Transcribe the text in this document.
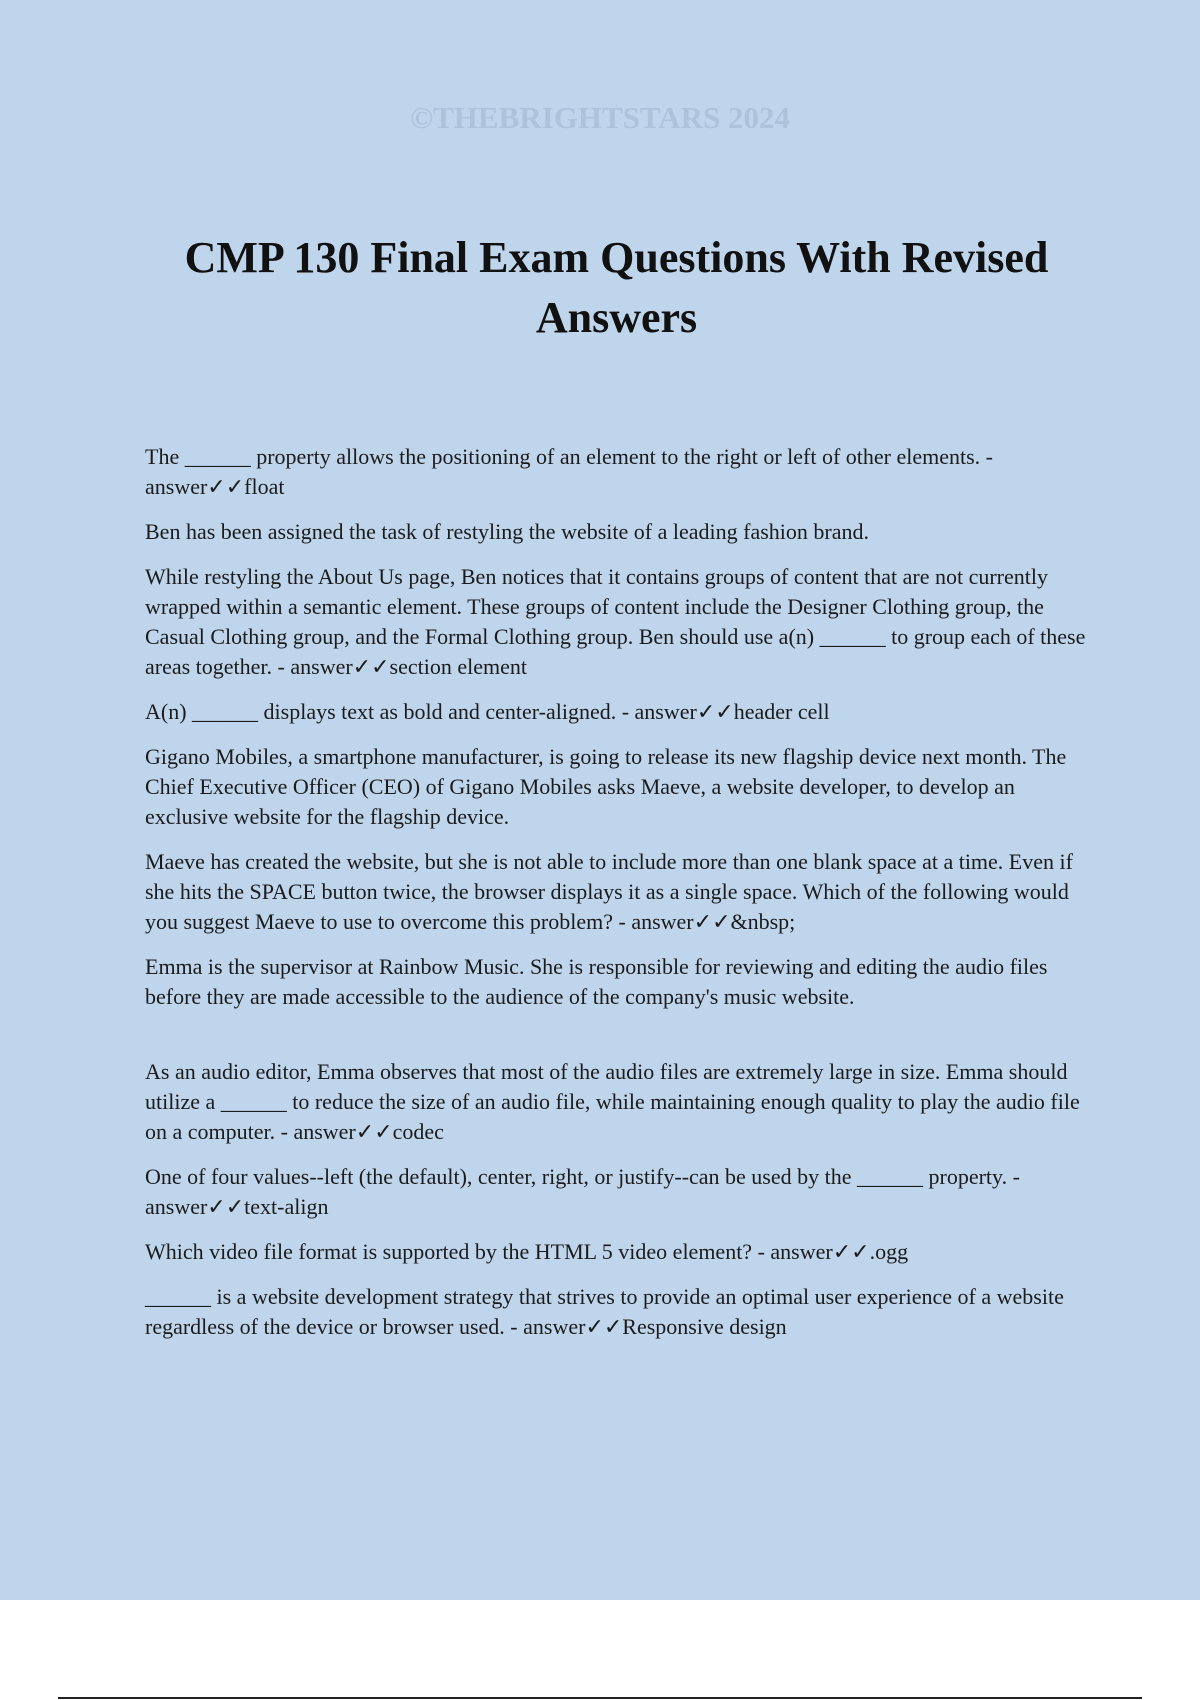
©THEBRIGHTSTARS 2024
CMP 130 Final Exam Questions With Revised Answers

The ______ property allows the positioning of an element to the right or left of other elements. - answer✓✓float

Ben has been assigned the task of restyling the website of a leading fashion brand.

While restyling the About Us page, Ben notices that it contains groups of content that are not currently wrapped within a semantic element. These groups of content include the Designer Clothing group, the Casual Clothing group, and the Formal Clothing group. Ben should use a(n) ______ to group each of these areas together. - answer✓✓section element

A(n) ______ displays text as bold and center-aligned. - answer✓✓header cell

Gigano Mobiles, a smartphone manufacturer, is going to release its new flagship device next month. The Chief Executive Officer (CEO) of Gigano Mobiles asks Maeve, a website developer, to develop an exclusive website for the flagship device.

Maeve has created the website, but she is not able to include more than one blank space at a time. Even if she hits the SPACE button twice, the browser displays it as a single space. Which of the following would you suggest Maeve to use to overcome this problem? - answer✓✓&nbsp;

Emma is the supervisor at Rainbow Music. She is responsible for reviewing and editing the audio files before they are made accessible to the audience of the company's music website.

As an audio editor, Emma observes that most of the audio files are extremely large in size. Emma should utilize a ______ to reduce the size of an audio file, while maintaining enough quality to play the audio file on a computer. - answer✓✓codec

One of four values--left (the default), center, right, or justify--can be used by the ______ property. - answer✓✓text-align

Which video file format is supported by the HTML 5 video element? - answer✓✓.ogg

______ is a website development strategy that strives to provide an optimal user experience of a website regardless of the device or browser used. - answer✓✓Responsive design
